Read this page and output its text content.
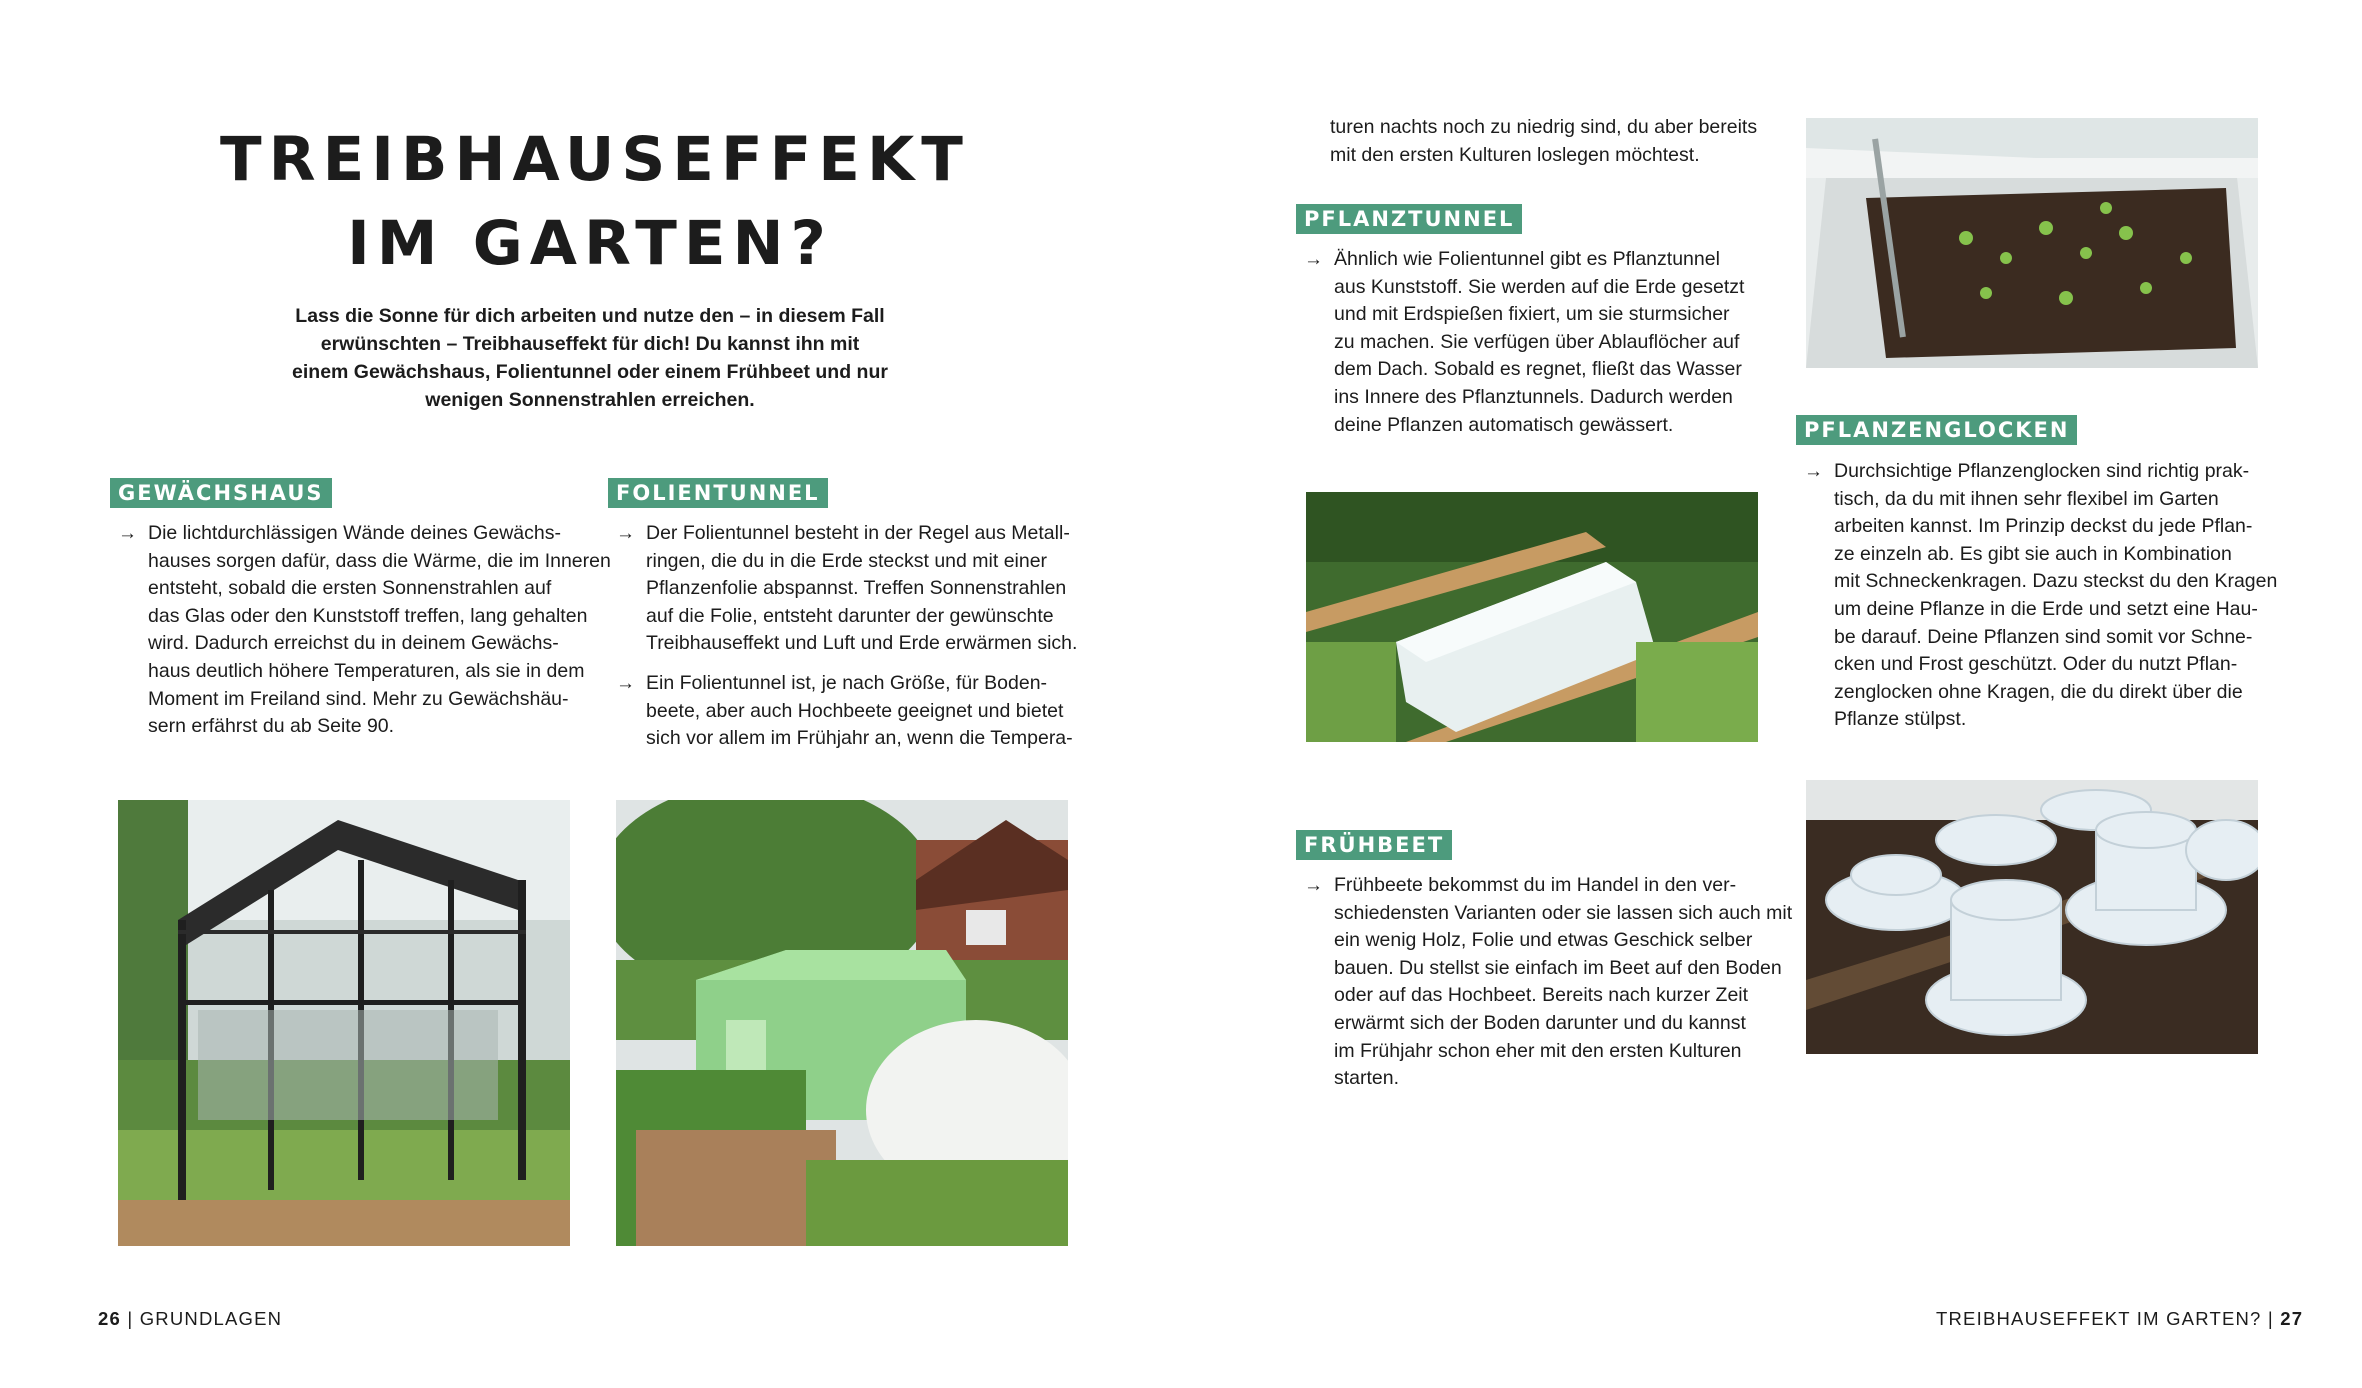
TREIBHAUSEFFEKT
IM GARTEN?
Lass die Sonne für dich arbeiten und nutze den – in diesem Fall erwünschten – Treibhauseffekt für dich! Du kannst ihn mit einem Gewächshaus, Folientunnel oder einem Frühbeet und nur wenigen Sonnenstrahlen erreichen.
GEWÄCHSHAUS

→ Die lichtdurchlässigen Wände deines Gewächs-
hauses sorgen dafür, dass die Wärme, die im Inneren
entsteht, sobald die ersten Sonnenstrahlen auf
das Glas oder den Kunststoff treffen, lang gehalten
wird. Dadurch erreichst du in deinem Gewächs-
haus deutlich höhere Temperaturen, als sie in dem
Moment im Freiland sind. Mehr zu Gewächshäu-
sern erfährst du ab Seite 90.

FOLIENTUNNEL

→ Der Folientunnel besteht in der Regel aus Metall-
ringen, die du in die Erde steckst und mit einer
Pflanzenfolie abspannst. Treffen Sonnenstrahlen
auf die Folie, entsteht darunter der gewünschte
Treibhauseffekt und Luft und Erde erwärmen sich.

→ Ein Folientunnel ist, je nach Größe, für Boden-
beete, aber auch Hochbeete geeignet und bietet
sich vor allem im Frühjahr an, wenn die Tempera-

26 | GRUNDLAGEN

turen nachts noch zu niedrig sind, du aber bereits
mit den ersten Kulturen loslegen möchtest.

PFLANZTUNNEL

→ Ähnlich wie Folientunnel gibt es Pflanztunnel
aus Kunststoff. Sie werden auf die Erde gesetzt
und mit Erdspießen fixiert, um sie sturmsicher
zu machen. Sie verfügen über Ablauflöcher auf
dem Dach. Sobald es regnet, fließt das Wasser
ins Innere des Pflanztunnels. Dadurch werden
deine Pflanzen automatisch gewässert.

FRÜHBEET

→ Frühbeete bekommst du im Handel in den ver-
schiedensten Varianten oder sie lassen sich auch mit
ein wenig Holz, Folie und etwas Geschick selber
bauen. Du stellst sie einfach im Beet auf den Boden
oder auf das Hochbeet. Bereits nach kurzer Zeit
erwärmt sich der Boden darunter und du kannst
im Frühjahr schon eher mit den ersten Kulturen
starten.

PFLANZENGLOCKEN

→ Durchsichtige Pflanzenglocken sind richtig prak-
tisch, da du mit ihnen sehr flexibel im Garten
arbeiten kannst. Im Prinzip deckst du jede Pflan-
ze einzeln ab. Es gibt sie auch in Kombination
mit Schneckenkragen. Dazu steckst du den Kragen
um deine Pflanze in die Erde und setzt eine Hau-
be darauf. Deine Pflanzen sind somit vor Schne-
cken und Frost geschützt. Oder du nutzt Pflan-
zenglocken ohne Kragen, die du direkt über die
Pflanze stülpst.

TREIBHAUSEFFEKT IM GARTEN? | 27
